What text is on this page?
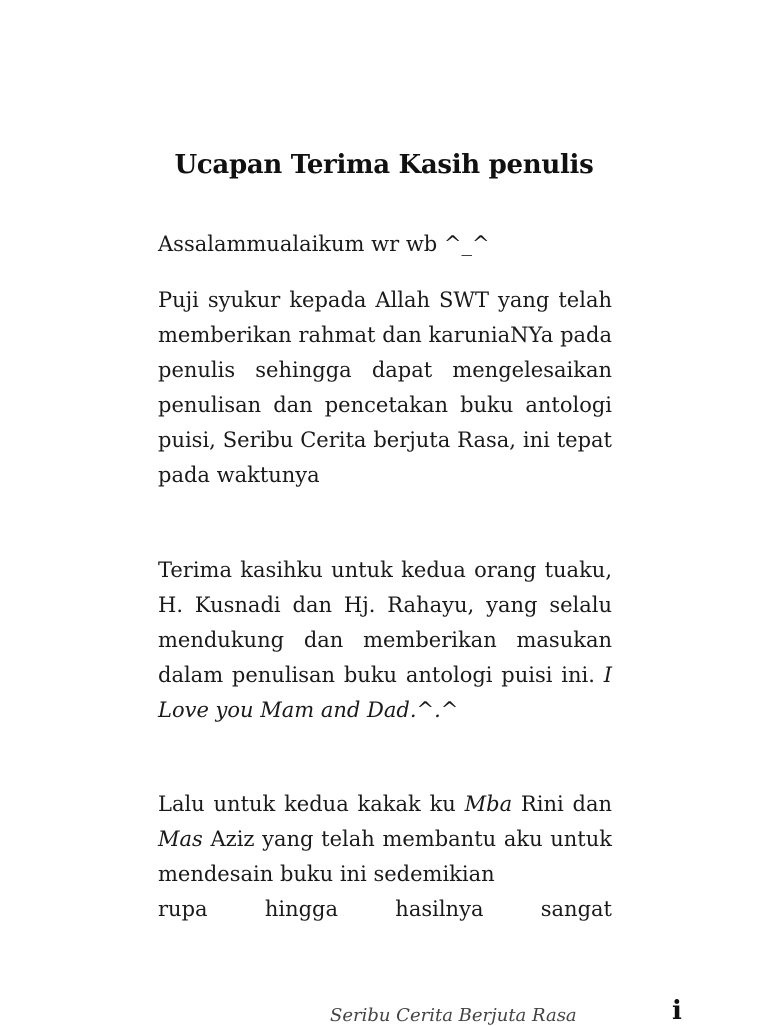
Ucapan Terima Kasih penulis
Assalammualaikum wr wb ^_^
Puji syukur kepada Allah SWT yang telah memberikan rahmat dan karuniaNYa pada penulis sehingga dapat mengelesaikan penulisan dan pencetakan buku antologi puisi, Seribu Cerita berjuta Rasa, ini tepat pada waktunya
Terima kasihku untuk kedua orang tuaku, H. Kusnadi dan Hj. Rahayu, yang selalu mendukung dan memberikan masukan dalam penulisan buku antologi puisi ini. I Love you Mam and Dad.^.^
Lalu untuk kedua kakak ku Mba Rini dan Mas Aziz yang telah membantu aku untuk mendesain buku ini sedemikian
rupa hingga hasilnya sangat
Seribu Cerita Berjuta Rasa	i
